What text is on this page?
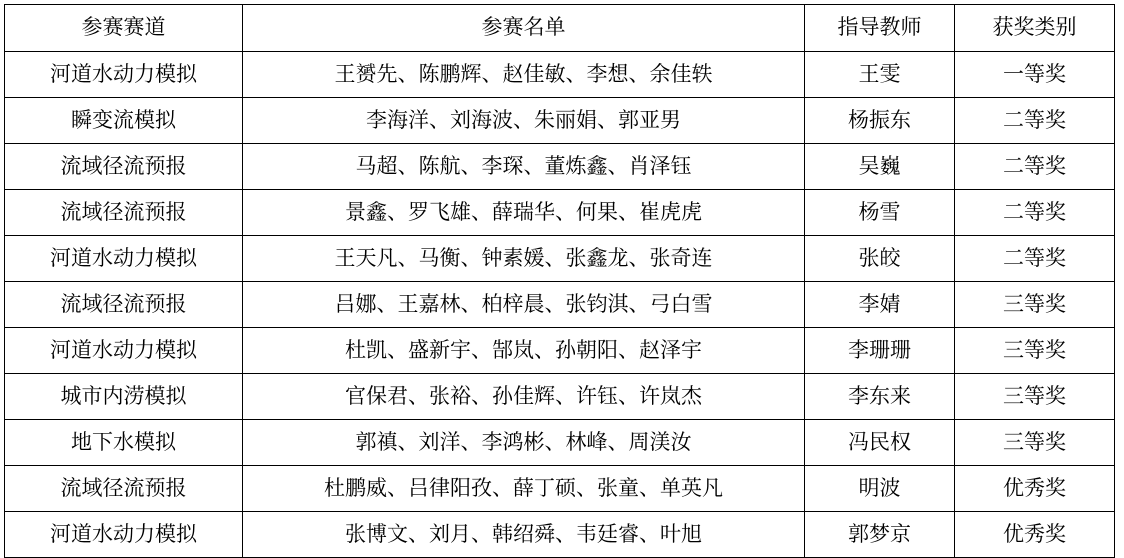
参赛赛道	参赛名单	指导教师	获奖类别
河道水动力模拟	王赟先、陈鹏辉、赵佳敏、李想、余佳轶	王雯	一等奖
瞬变流模拟	李海洋、刘海波、朱丽娟、郭亚男	杨振东	二等奖
流域径流预报	马超、陈航、李琛、董炼鑫、肖泽钰	吴巍	二等奖
流域径流预报	景鑫、罗飞雄、薛瑞华、何果、崔虎虎	杨雪	二等奖
河道水动力模拟	王天凡、马衡、钟素媛、张鑫龙、张奇连	张皎	二等奖
流域径流预报	吕娜、王嘉林、柏梓晨、张钧淇、弓白雪	李婧	三等奖
河道水动力模拟	杜凯、盛新宇、郜岚、孙朝阳、赵泽宇	李珊珊	三等奖
城市内涝模拟	官保君、张裕、孙佳辉、许钰、许岚杰	李东来	三等奖
地下水模拟	郭禛、刘洋、李鸿彬、林峰、周渼汝	冯民权	三等奖
流域径流预报	杜鹏威、吕律阳孜、薛丁硕、张童、单英凡	明波	优秀奖
河道水动力模拟	张博文、刘月、韩绍舜、韦廷睿、叶旭	郭梦京	优秀奖
